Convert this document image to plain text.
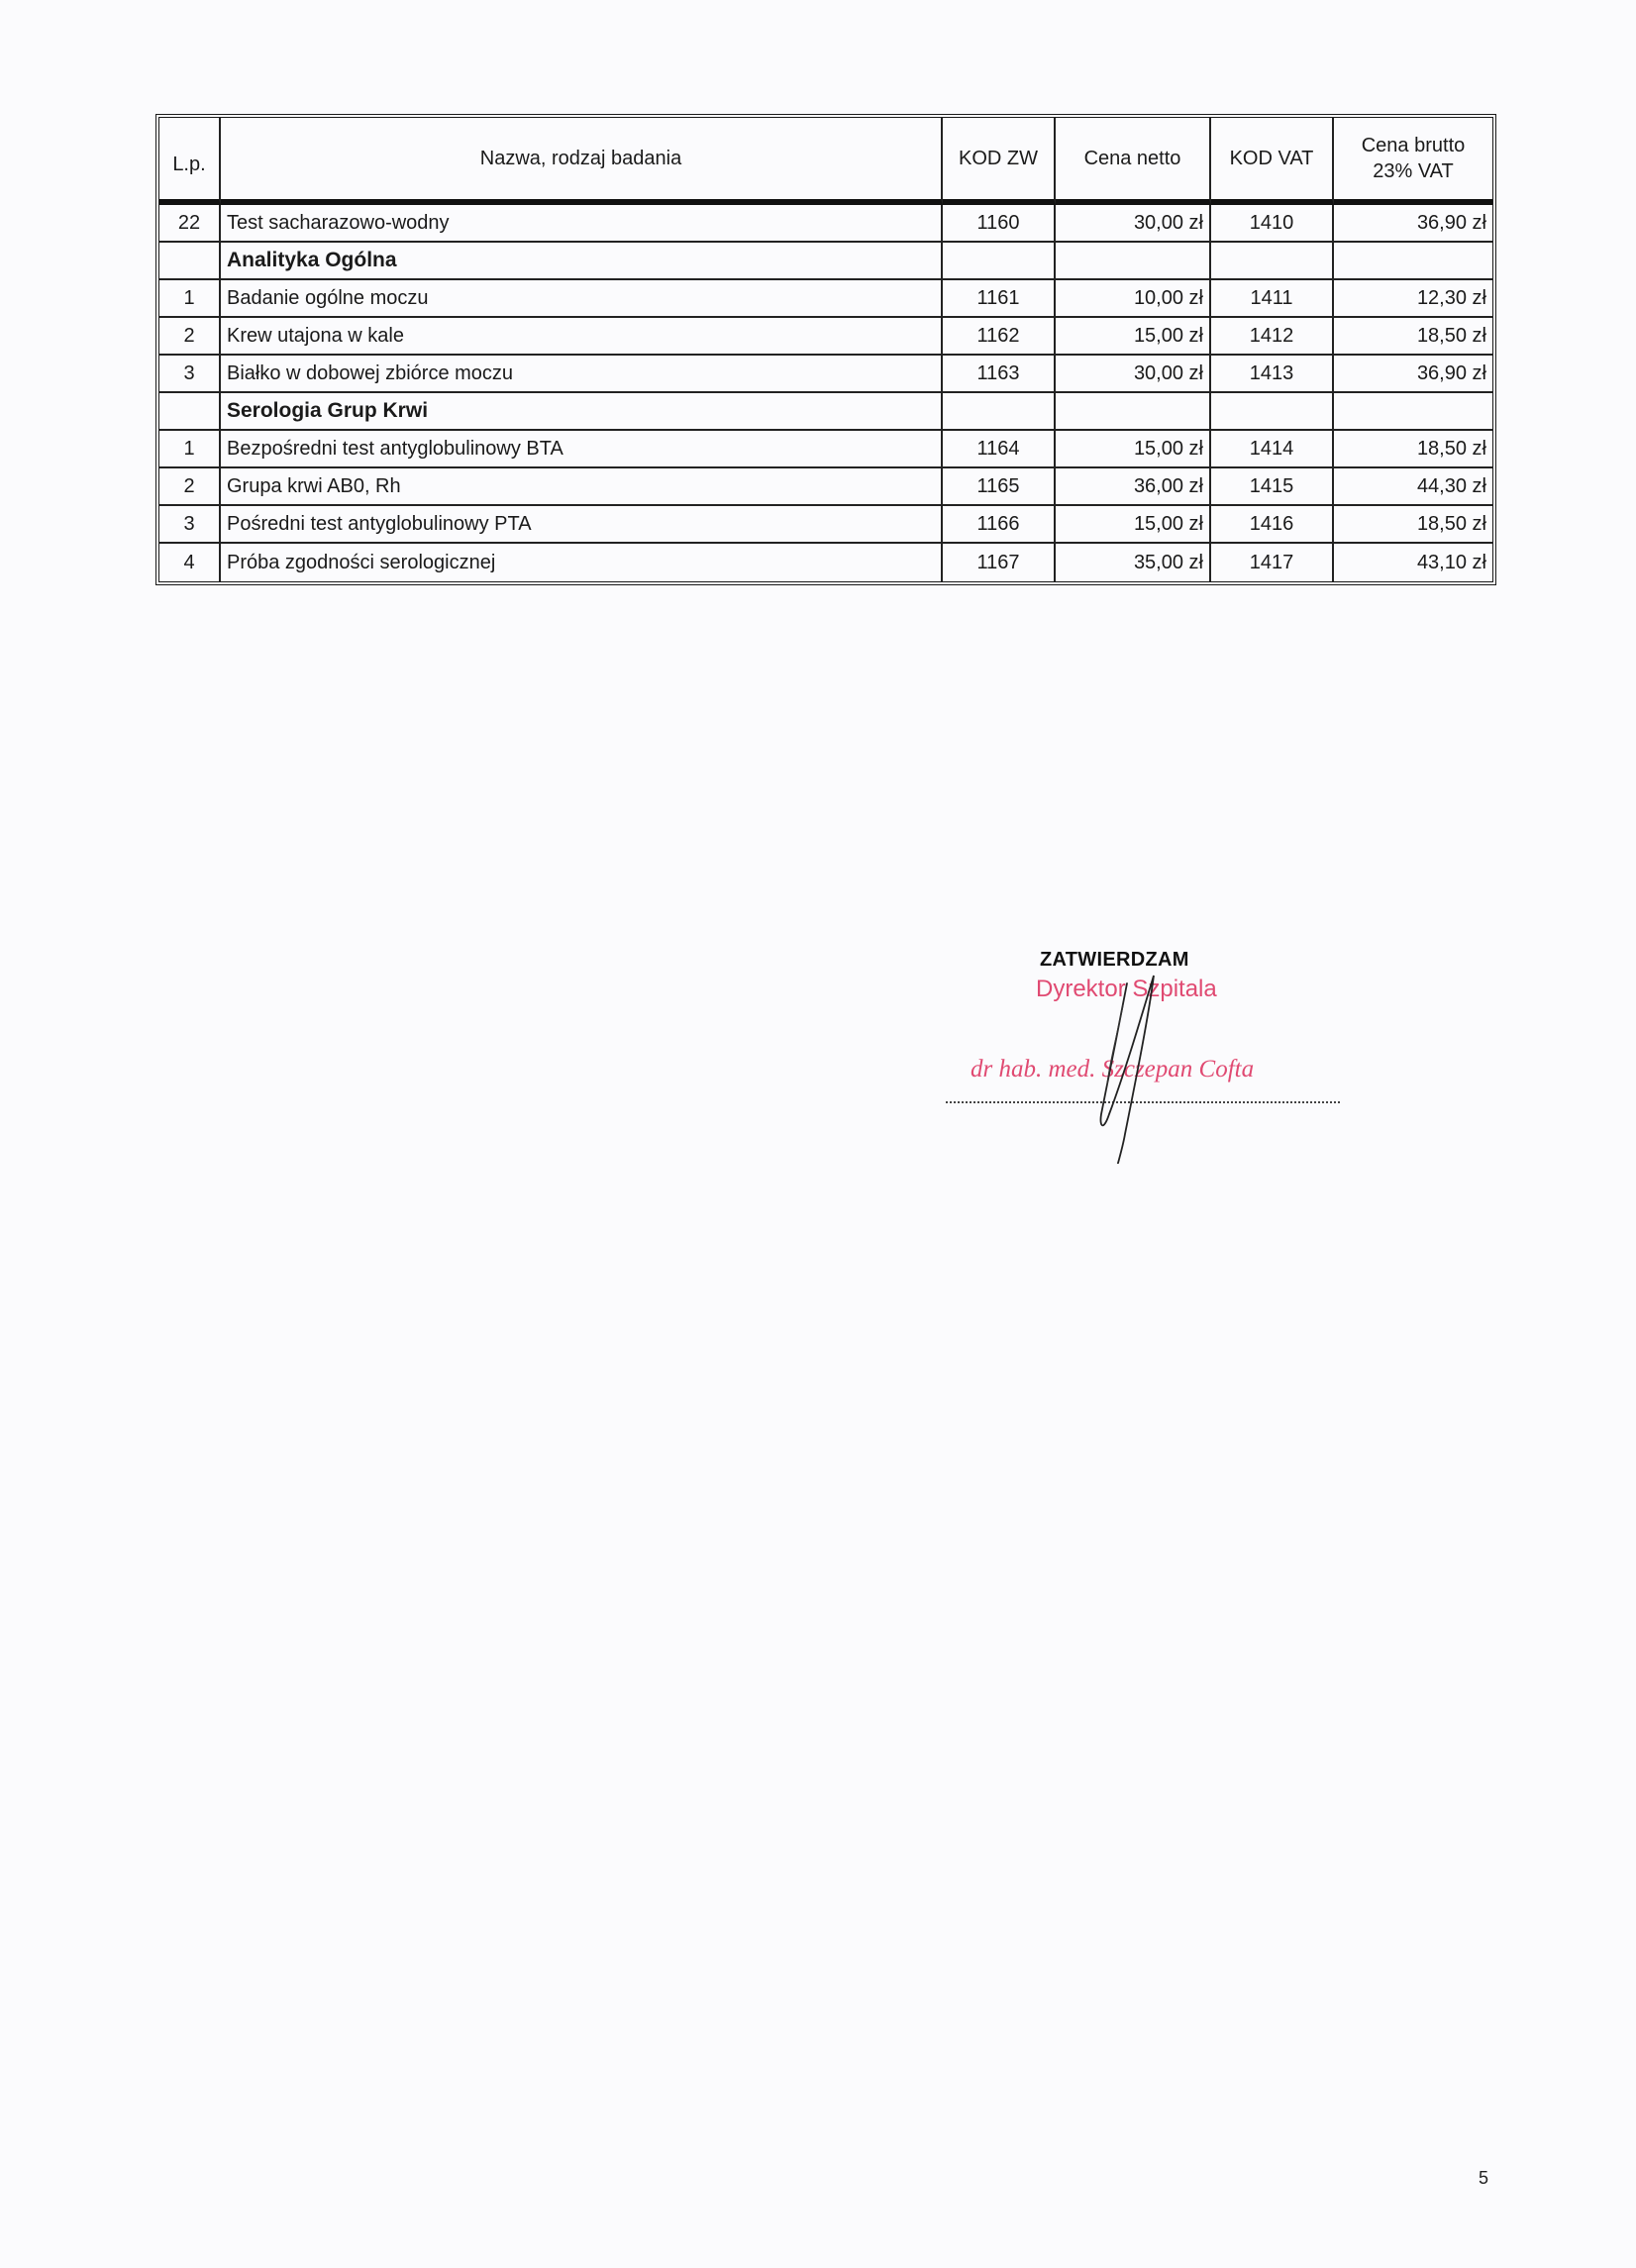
L.p.	Nazwa, rodzaj badania	KOD ZW	Cena netto	KOD VAT	Cena brutto
23% VAT
22	Test sacharazowo-wodny	1160	30,00 zł	1410	36,90 zł
	Analityka Ogólna				
1	Badanie ogólne moczu	1161	10,00 zł	1411	12,30 zł
2	Krew utajona w kale	1162	15,00 zł	1412	18,50 zł
3	Białko w dobowej zbiórce moczu	1163	30,00 zł	1413	36,90 zł
	Serologia Grup Krwi				
1	Bezpośredni test antyglobulinowy BTA	1164	15,00 zł	1414	18,50 zł
2	Grupa krwi AB0, Rh	1165	36,00 zł	1415	44,30 zł
3	Pośredni test antyglobulinowy PTA	1166	15,00 zł	1416	18,50 zł
4	Próba zgodności serologicznej	1167	35,00 zł	1417	43,10 zł
ZATWIERDZAM
Dyrektor Szpitala
dr hab. med. Szczepan Cofta
5
